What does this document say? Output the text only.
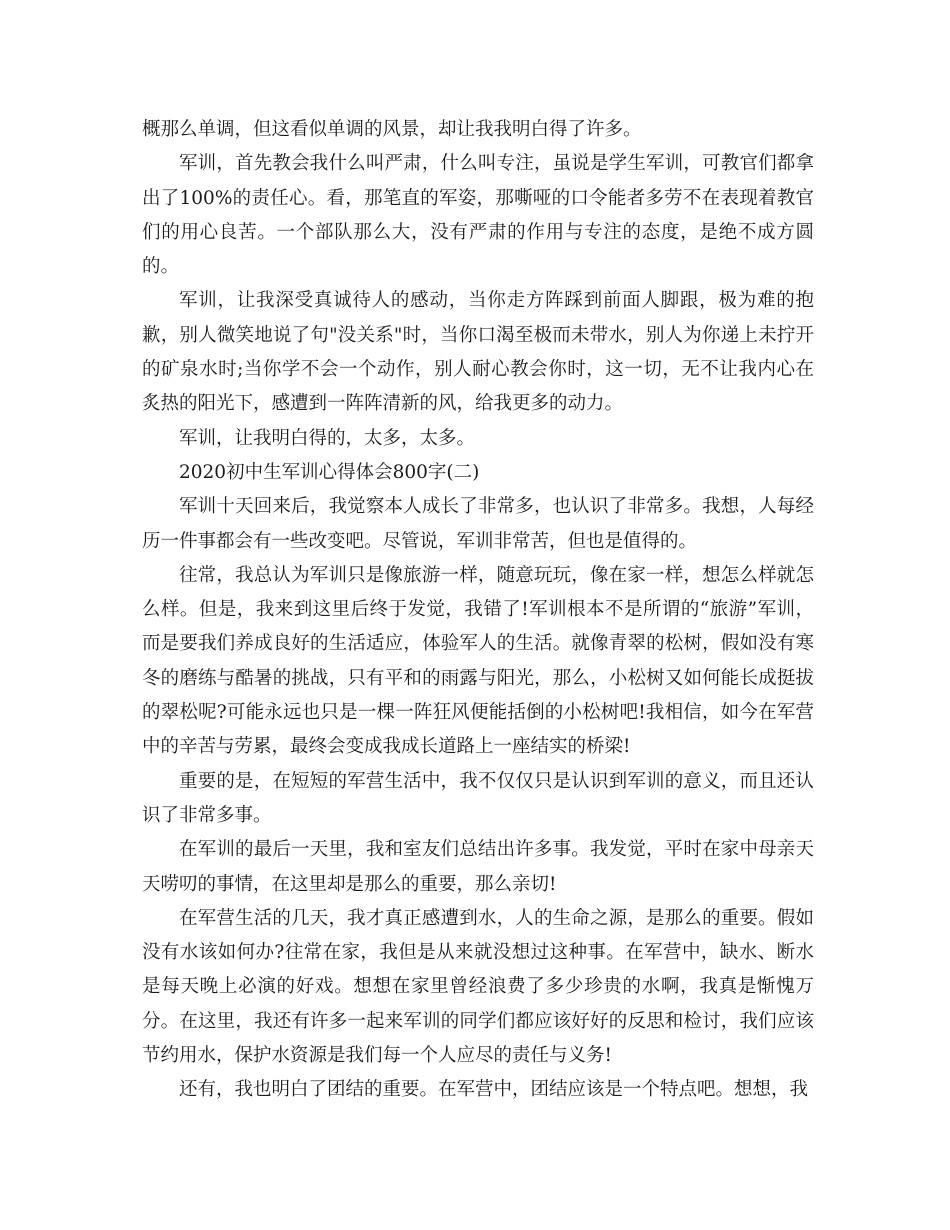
概那么单调，但这看似单调的风景，却让我我明白得了许多。

军训，首先教会我什么叫严肃，什么叫专注，虽说是学生军训，可教官们都拿出了100%的责任心。看，那笔直的军姿，那嘶哑的口令能者多劳不在表现着教官们的用心良苦。一个部队那么大，没有严肃的作用与专注的态度，是绝不成方圆的。

军训，让我深受真诚待人的感动，当你走方阵踩到前面人脚跟，极为难的抱歉，别人微笑地说了句"没关系"时，当你口渴至极而未带水，别人为你递上未拧开的矿泉水时;当你学不会一个动作，别人耐心教会你时，这一切，无不让我内心在炙热的阳光下，感遭到一阵阵清新的风，给我更多的动力。

军训，让我明白得的，太多，太多。

2020初中生军训心得体会800字(二)

军训十天回来后，我觉察本人成长了非常多，也认识了非常多。我想，人每经历一件事都会有一些改变吧。尽管说，军训非常苦，但也是值得的。

往常，我总认为军训只是像旅游一样，随意玩玩，像在家一样，想怎么样就怎么样。但是，我来到这里后终于发觉，我错了!军训根本不是所谓的“旅游”军训，而是要我们养成良好的生活适应，体验军人的生活。就像青翠的松树，假如没有寒冬的磨练与酷暑的挑战，只有平和的雨露与阳光，那么，小松树又如何能长成挺拔的翠松呢?可能永远也只是一棵一阵狂风便能括倒的小松树吧!我相信，如今在军营中的辛苦与劳累，最终会变成我成长道路上一座结实的桥梁!

重要的是，在短短的军营生活中，我不仅仅只是认识到军训的意义，而且还认识了非常多事。

在军训的最后一天里，我和室友们总结出许多事。我发觉，平时在家中母亲天天唠叨的事情，在这里却是那么的重要，那么亲切!

在军营生活的几天，我才真正感遭到水，人的生命之源，是那么的重要。假如没有水该如何办?往常在家，我但是从来就没想过这种事。在军营中，缺水、断水是每天晚上必演的好戏。想想在家里曾经浪费了多少珍贵的水啊，我真是惭愧万分。在这里，我还有许多一起来军训的同学们都应该好好的反思和检讨，我们应该节约用水，保护水资源是我们每一个人应尽的责任与义务!

还有，我也明白了团结的重要。在军营中，团结应该是一个特点吧。想想，我
